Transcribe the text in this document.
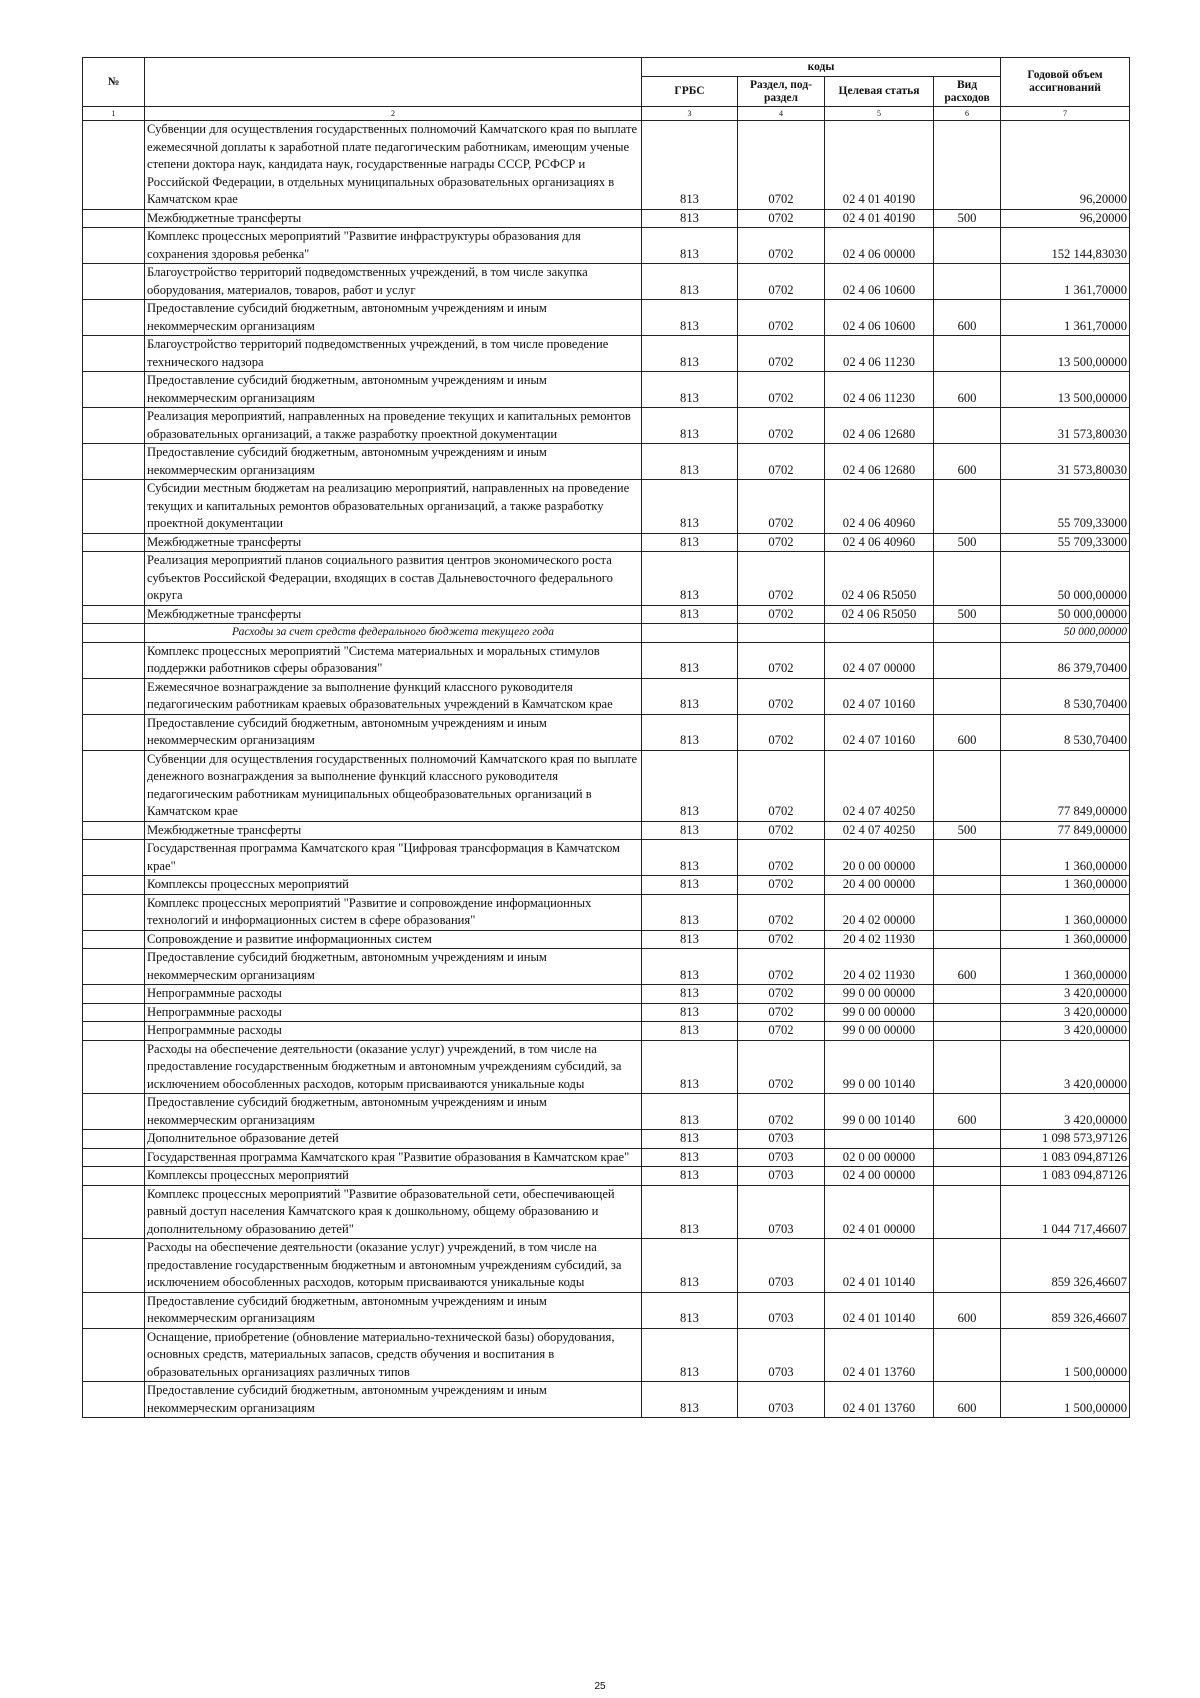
№		коды				Годовой объем ассигнований
		ГРБС	Раздел, под- раздел	Целевая статья	Вид расходов	
1	2	3	4	5	6	7
	Субвенции для осуществления государственных полномочий Камчатского края по выплате ежемесячной доплаты к заработной плате педагогическим работникам, имеющим ученые степени доктора наук, кандидата наук, государственные награды СССР, РСФСР и Российской Федерации, в отдельных муниципальных образовательных организациях в Камчатском крае	813	0702	02 4 01 40190		96,20000
	Межбюджетные трансферты	813	0702	02 4 01 40190	500	96,20000
	Комплекс процессных мероприятий "Развитие инфраструктуры образования для сохранения здоровья ребенка"	813	0702	02 4 06 00000		152 144,83030
	Благоустройство территорий подведомственных учреждений, в том числе закупка оборудования, материалов, товаров, работ и услуг	813	0702	02 4 06 10600		1 361,70000
	Предоставление субсидий бюджетным, автономным учреждениям и иным некоммерческим организациям	813	0702	02 4 06 10600	600	1 361,70000
	Благоустройство территорий подведомственных учреждений, в том числе проведение технического надзора	813	0702	02 4 06 11230		13 500,00000
	Предоставление субсидий бюджетным, автономным учреждениям и иным некоммерческим организациям	813	0702	02 4 06 11230	600	13 500,00000
	Реализация мероприятий, направленных на проведение текущих и капитальных ремонтов образовательных организаций, а также разработку проектной документации	813	0702	02 4 06 12680		31 573,80030
	Предоставление субсидий бюджетным, автономным учреждениям и иным некоммерческим организациям	813	0702	02 4 06 12680	600	31 573,80030
	Субсидии местным бюджетам на реализацию мероприятий, направленных на проведение текущих и капитальных ремонтов образовательных организаций, а также разработку проектной документации	813	0702	02 4 06 40960		55 709,33000
	Межбюджетные трансферты	813	0702	02 4 06 40960	500	55 709,33000
	Реализация мероприятий планов социального развития центров экономического роста субъектов Российской Федерации, входящих в состав Дальневосточного федерального округа	813	0702	02 4 06 R5050		50 000,00000
	Межбюджетные трансферты	813	0702	02 4 06 R5050	500	50 000,00000
	Расходы за счет средств федерального бюджета текущего года					50 000,00000
	Комплекс процессных мероприятий "Система материальных и моральных стимулов поддержки работников сферы образования"	813	0702	02 4 07 00000		86 379,70400
	Ежемесячное вознаграждение за выполнение функций классного руководителя педагогическим работникам краевых образовательных учреждений в Камчатском крае	813	0702	02 4 07 10160		8 530,70400
	Предоставление субсидий бюджетным, автономным учреждениям и иным некоммерческим организациям	813	0702	02 4 07 10160	600	8 530,70400
	Субвенции для осуществления государственных полномочий Камчатского края по выплате денежного вознаграждения за выполнение функций классного руководителя педагогическим работникам муниципальных общеобразовательных организаций в Камчатском крае	813	0702	02 4 07 40250		77 849,00000
	Межбюджетные трансферты	813	0702	02 4 07 40250	500	77 849,00000
	Государственная программа Камчатского края "Цифровая трансформация в Камчатском крае"	813	0702	20 0 00 00000		1 360,00000
	Комплексы процессных мероприятий	813	0702	20 4 00 00000		1 360,00000
	Комплекс процессных мероприятий "Развитие и сопровождение информационных технологий и информационных систем в сфере образования"	813	0702	20 4 02 00000		1 360,00000
	Сопровождение и развитие информационных систем	813	0702	20 4 02 11930		1 360,00000
	Предоставление субсидий бюджетным, автономным учреждениям и иным некоммерческим организациям	813	0702	20 4 02 11930	600	1 360,00000
	Непрограммные расходы	813	0702	99 0 00 00000		3 420,00000
	Непрограммные расходы	813	0702	99 0 00 00000		3 420,00000
	Непрограммные расходы	813	0702	99 0 00 00000		3 420,00000
	Расходы на обеспечение деятельности (оказание услуг) учреждений, в том числе на предоставление государственным бюджетным и автономным учреждениям субсидий, за исключением обособленных расходов, которым присваиваются уникальные коды	813	0702	99 0 00 10140		3 420,00000
	Предоставление субсидий бюджетным, автономным учреждениям и иным некоммерческим организациям	813	0702	99 0 00 10140	600	3 420,00000
	Дополнительное образование детей	813	0703			1 098 573,97126
	Государственная программа Камчатского края "Развитие образования в Камчатском крае"	813	0703	02 0 00 00000		1 083 094,87126
	Комплексы процессных мероприятий	813	0703	02 4 00 00000		1 083 094,87126
	Комплекс процессных мероприятий "Развитие образовательной сети, обеспечивающей равный доступ населения Камчатского края к дошкольному, общему образованию и дополнительному образованию детей"	813	0703	02 4 01 00000		1 044 717,46607
	Расходы на обеспечение деятельности (оказание услуг) учреждений, в том числе на предоставление государственным бюджетным и автономным учреждениям субсидий, за исключением обособленных расходов, которым присваиваются уникальные коды	813	0703	02 4 01 10140		859 326,46607
	Предоставление субсидий бюджетным, автономным учреждениям и иным некоммерческим организациям	813	0703	02 4 01 10140	600	859 326,46607
	Оснащение, приобретение (обновление материально-технической базы) оборудования, основных средств, материальных запасов, средств обучения и воспитания в образовательных организациях различных типов	813	0703	02 4 01 13760		1 500,00000
	Предоставление субсидий бюджетным, автономным учреждениям и иным некоммерческим организациям	813	0703	02 4 01 13760	600	1 500,00000
25
